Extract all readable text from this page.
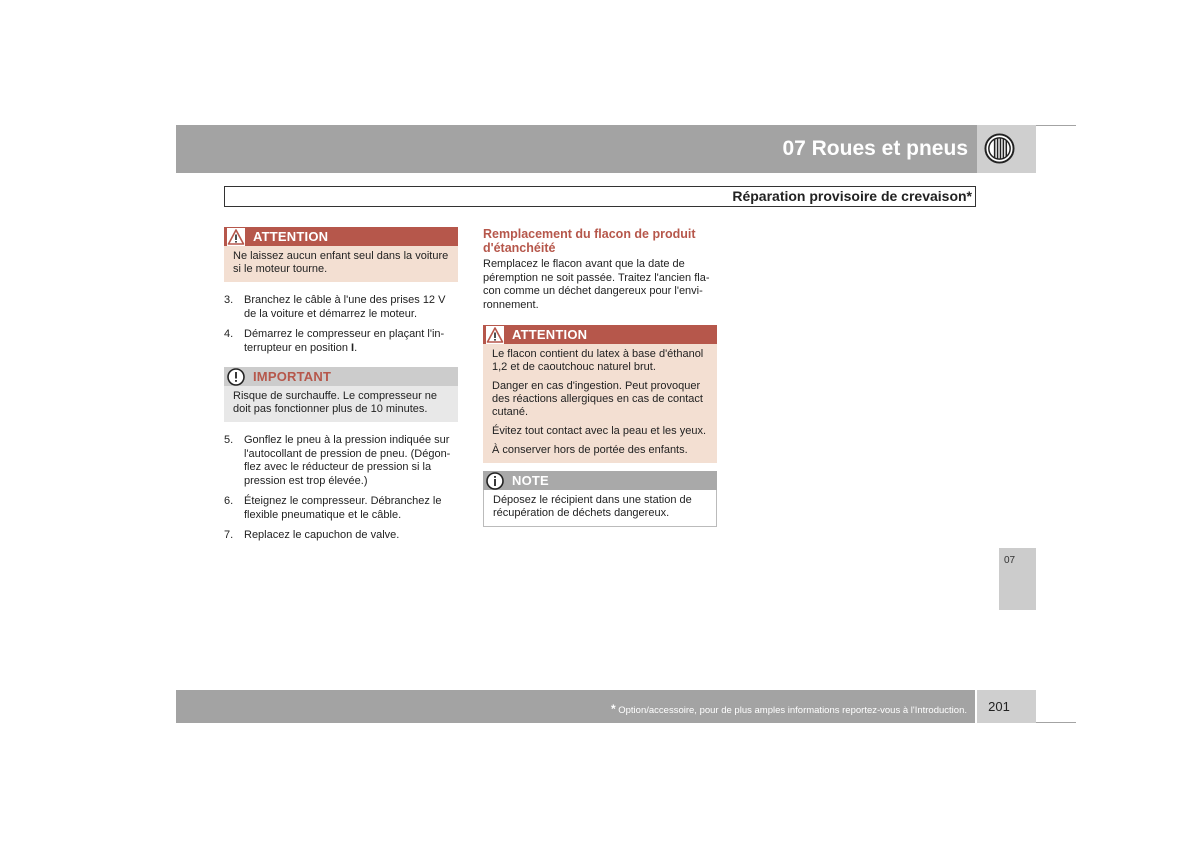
07 Roues et pneus
Réparation provisoire de crevaison*
ATTENTION
Ne laissez aucun enfant seul dans la voiture si le moteur tourne.
3. Branchez le câble à l'une des prises 12 V de la voiture et démarrez le moteur.
4. Démarrez le compresseur en plaçant l'in-terrupteur en position I.
IMPORTANT
Risque de surchauffe. Le compresseur ne doit pas fonctionner plus de 10 minutes.
5. Gonflez le pneu à la pression indiquée sur l'autocollant de pression de pneu. (Dégon-flez avec le réducteur de pression si la pression est trop élevée.)
6. Éteignez le compresseur. Débranchez le flexible pneumatique et le câble.
7. Replacez le capuchon de valve.
Remplacement du flacon de produit d'étanchéité
Remplacez le flacon avant que la date de péremption ne soit passée. Traitez l'ancien fla-con comme un déchet dangereux pour l'envi-ronnement.
ATTENTION

Le flacon contient du latex à base d'éthanol 1,2 et de caoutchouc naturel brut.

Danger en cas d'ingestion. Peut provoquer des réactions allergiques en cas de contact cutané.

Évitez tout contact avec la peau et les yeux.

À conserver hors de portée des enfants.

NOTE
Déposez le récipient dans une station de récupération de déchets dangereux.
07
* Option/accessoire, pour de plus amples informations reportez-vous à l'Introduction.	201
